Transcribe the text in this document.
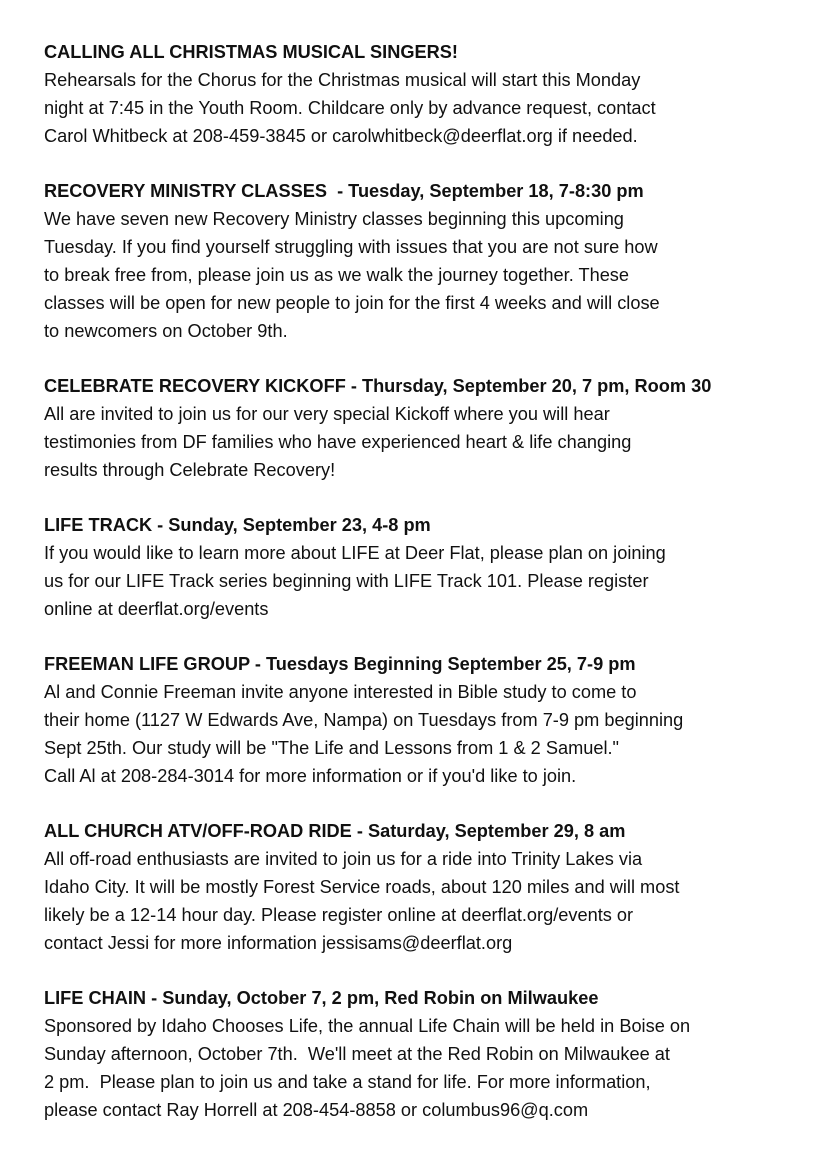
CALLING ALL CHRISTMAS MUSICAL SINGERS!
Rehearsals for the Chorus for the Christmas musical will start this Monday
night at 7:45 in the Youth Room. Childcare only by advance request, contact
Carol Whitbeck at 208-459-3845 or carolwhitbeck@deerflat.org if needed.
RECOVERY MINISTRY CLASSES  - Tuesday, September 18, 7-8:30 pm
We have seven new Recovery Ministry classes beginning this upcoming
Tuesday. If you find yourself struggling with issues that you are not sure how
to break free from, please join us as we walk the journey together. These
classes will be open for new people to join for the first 4 weeks and will close
to newcomers on October 9th.
CELEBRATE RECOVERY KICKOFF - Thursday, September 20, 7 pm, Room 30
All are invited to join us for our very special Kickoff where you will hear
testimonies from DF families who have experienced heart & life changing
results through Celebrate Recovery!
LIFE TRACK - Sunday, September 23, 4-8 pm
If you would like to learn more about LIFE at Deer Flat, please plan on joining
us for our LIFE Track series beginning with LIFE Track 101. Please register
online at deerflat.org/events
FREEMAN LIFE GROUP - Tuesdays Beginning September 25, 7-9 pm
Al and Connie Freeman invite anyone interested in Bible study to come to
their home (1127 W Edwards Ave, Nampa) on Tuesdays from 7-9 pm beginning
Sept 25th. Our study will be "The Life and Lessons from 1 & 2 Samuel."
Call Al at 208-284-3014 for more information or if you'd like to join.
ALL CHURCH ATV/OFF-ROAD RIDE - Saturday, September 29, 8 am
All off-road enthusiasts are invited to join us for a ride into Trinity Lakes via
Idaho City. It will be mostly Forest Service roads, about 120 miles and will most
likely be a 12-14 hour day. Please register online at deerflat.org/events or
contact Jessi for more information jessisams@deerflat.org
LIFE CHAIN - Sunday, October 7, 2 pm, Red Robin on Milwaukee
Sponsored by Idaho Chooses Life, the annual Life Chain will be held in Boise on
Sunday afternoon, October 7th.  We'll meet at the Red Robin on Milwaukee at
2 pm.  Please plan to join us and take a stand for life. For more information,
please contact Ray Horrell at 208-454-8858 or columbus96@q.com
